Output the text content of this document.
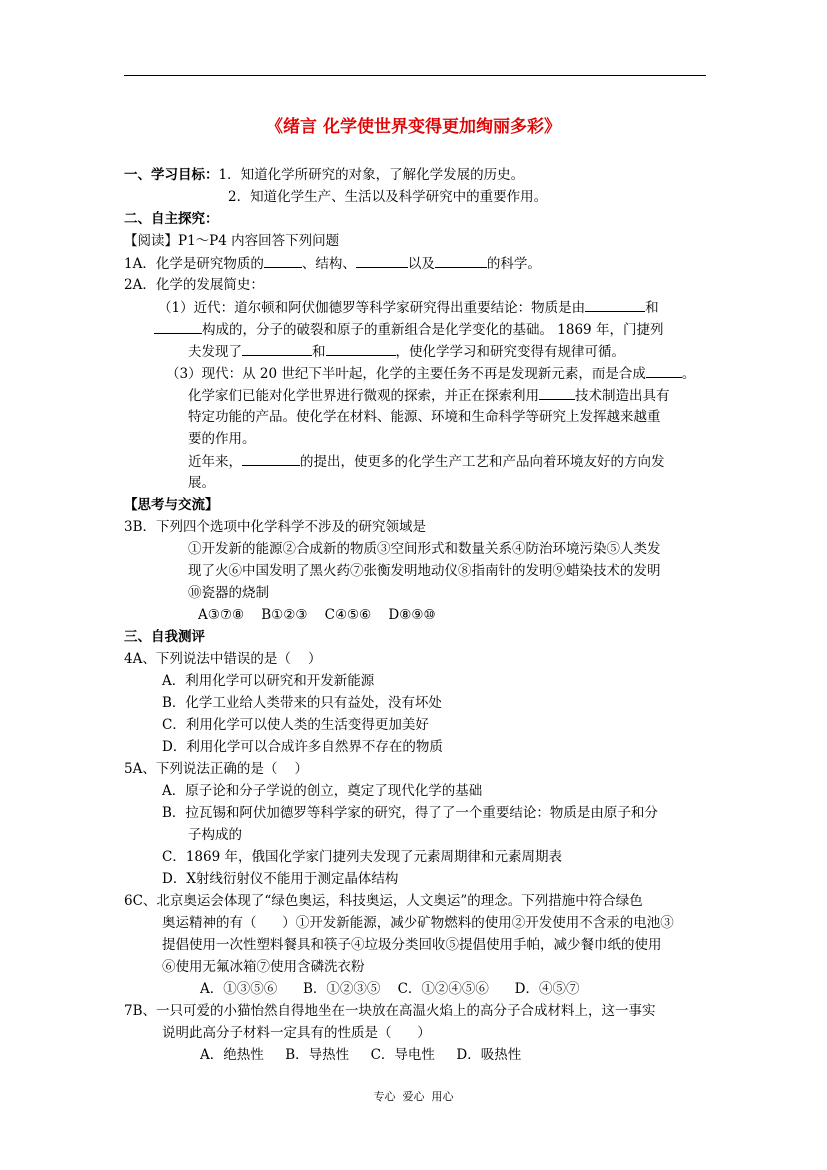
《绪言 化学使世界变得更加绚丽多彩》
一、学习目标：1．知道化学所研究的对象，了解化学发展的历史。
2．知道化学生产、生活以及科学研究中的重要作用。
二、自主探究：
【阅读】P1～P4 内容回答下列问题
1A．化学是研究物质的	、结构、	以及	的科学。
2A．化学的发展简史：
（1）近代：道尔顿和阿伏伽德罗等科学家研究得出重要结论：物质是由	和
构成的，分子的破裂和原子的重新组合是化学变化的基础。 1869 年，门捷列
夫发现了	和	，使化学学习和研究变得有规律可循。
（3）现代：从 20 世纪下半叶起，化学的主要任务不再是发现新元素，而是合成	。
化学家们已能对化学世界进行微观的探索，并正在探索利用	技术制造出具有
特定功能的产品。使化学在材料、能源、环境和生命科学等研究上发挥越来越重
要的作用。
近年来，	的提出，使更多的化学生产工艺和产品向着环境友好的方向发
展。
【思考与交流】
3B．下列四个选项中化学科学不涉及的研究领域是
①开发新的能源②合成新的物质③空间形式和数量关系④防治环境污染⑤人类发
现了火⑥中国发明了黑火药⑦张衡发明地动仪⑧指南针的发明⑨蜡染技术的发明
⑩瓷器的烧制
A③⑦⑧    B①②③    C④⑤⑥    D⑧⑨⑩
三、自我测评
4A、下列说法中错误的是（    ）
A．利用化学可以研究和开发新能源
B．化学工业给人类带来的只有益处，没有坏处
C．利用化学可以使人类的生活变得更加美好
D．利用化学可以合成许多自然界不存在的物质
5A、下列说法正确的是（    ）
A．原子论和分子学说的创立，奠定了现代化学的基础
B．拉瓦锡和阿伏加德罗等科学家的研究，得了了一个重要结论：物质是由原子和分
子构成的
C．1869 年，俄国化学家门捷列夫发现了元素周期律和元素周期表
D．X射线衍射仪不能用于测定晶体结构
6C、北京奥运会体现了“绿色奥运，科技奥运，人文奥运”的理念。下列措施中符合绿色
奥运精神的有（      ）①开发新能源，减少矿物燃料的使用②开发使用不含汞的电池③
提倡使用一次性塑料餐具和筷子④垃圾分类回收⑤提倡使用手帕，减少餐巾纸的使用
⑥使用无氟冰箱⑦使用含磷洗衣粉
A．①③⑤⑥      B．①②③⑤    C．①②④⑤⑥      D．④⑤⑦
7B、一只可爱的小猫怡然自得地坐在一块放在高温火焰上的高分子合成材料上，这一事实
说明此高分子材料一定具有的性质是（      ）
A．绝热性     B．导热性     C．导电性     D．吸热性
专心  爱心  用心
